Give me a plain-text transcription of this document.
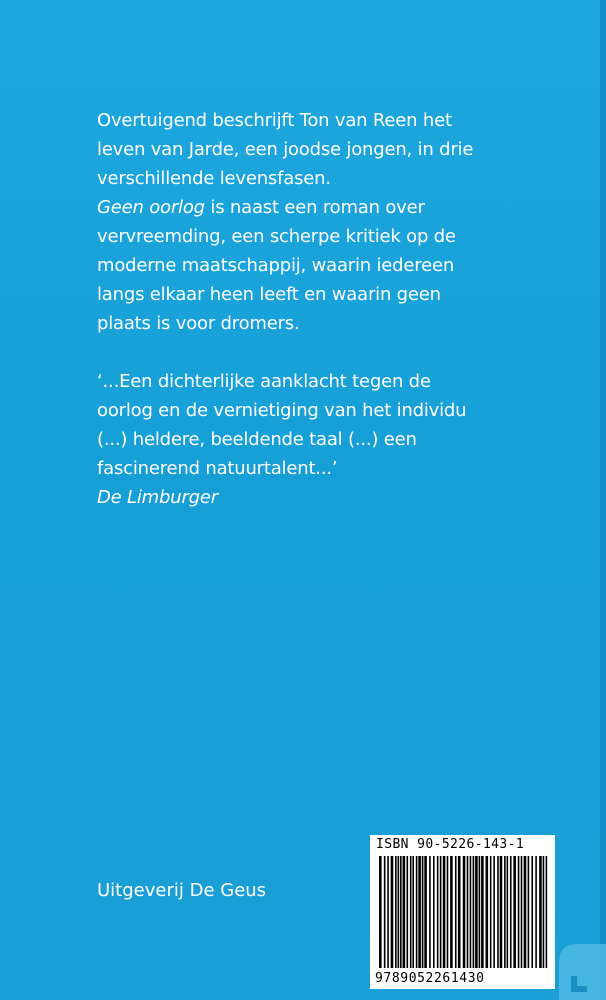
Overtuigend beschrijft Ton van Reen het
leven van Jarde, een joodse jongen, in drie
verschillende levensfasen.
Geen oorlog is naast een roman over
vervreemding, een scherpe kritiek op de
moderne maatschappij, waarin iedereen
langs elkaar heen leeft en waarin geen
plaats is voor dromers.
‘...Een dichterlijke aanklacht tegen de
oorlog en de vernietiging van het individu
(...) heldere, beeldende taal (...) een
fascinerend natuurtalent...’
De Limburger
Uitgeverij De Geus
ISBN 90-5226-143-1
9789052261430
